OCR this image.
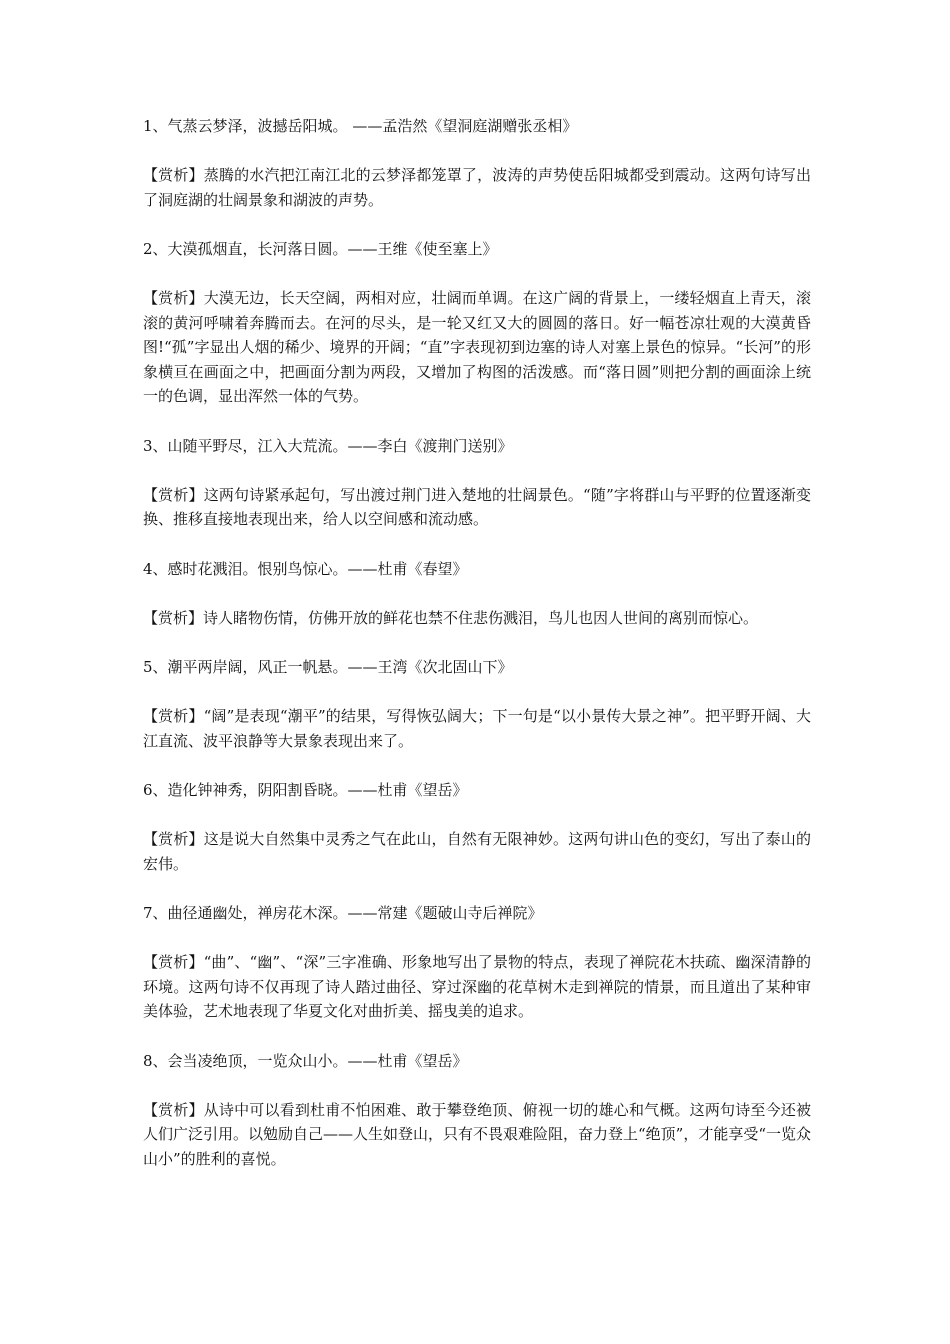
1、气蒸云梦泽，波撼岳阳城。 ——孟浩然《望洞庭湖赠张丞相》

【赏析】蒸腾的水汽把江南江北的云梦泽都笼罩了，波涛的声势使岳阳城都受到震动。这两句诗写出了洞庭湖的壮阔景象和湖波的声势。

2、大漠孤烟直，长河落日圆。——王维《使至塞上》

【赏析】大漠无边，长天空阔，两相对应，壮阔而单调。在这广阔的背景上，一缕轻烟直上青天，滚滚的黄河呼啸着奔腾而去。在河的尽头，是一轮又红又大的圆圆的落日。好一幅苍凉壮观的大漠黄昏图!“孤”字显出人烟的稀少、境界的开阔；“直”字表现初到边塞的诗人对塞上景色的惊异。“长河”的形象横亘在画面之中，把画面分割为两段，又增加了构图的活泼感。而“落日圆”则把分割的画面涂上统一的色调，显出浑然一体的气势。

3、山随平野尽，江入大荒流。——李白《渡荆门送别》

【赏析】这两句诗紧承起句，写出渡过荆门进入楚地的壮阔景色。“随”字将群山与平野的位置逐渐变换、推移直接地表现出来，给人以空间感和流动感。

4、感时花溅泪。恨别鸟惊心。——杜甫《春望》

【赏析】诗人睹物伤情，仿佛开放的鲜花也禁不住悲伤溅泪，鸟儿也因人世间的离别而惊心。

5、潮平两岸阔，风正一帆悬。——王湾《次北固山下》

【赏析】“阔”是表现“潮平”的结果，写得恢弘阔大；下一句是“以小景传大景之神”。把平野开阔、大江直流、波平浪静等大景象表现出来了。

6、造化钟神秀，阴阳割昏晓。——杜甫《望岳》

【赏析】这是说大自然集中灵秀之气在此山，自然有无限神妙。这两句讲山色的变幻，写出了泰山的宏伟。

7、曲径通幽处，禅房花木深。——常建《题破山寺后禅院》

【赏析】“曲”、“幽”、“深”三字准确、形象地写出了景物的特点，表现了禅院花木扶疏、幽深清静的环境。这两句诗不仅再现了诗人踏过曲径、穿过深幽的花草树木走到禅院的情景，而且道出了某种审美体验，艺术地表现了华夏文化对曲折美、摇曳美的追求。

8、会当凌绝顶，一览众山小。——杜甫《望岳》

【赏析】从诗中可以看到杜甫不怕困难、敢于攀登绝顶、俯视一切的雄心和气概。这两句诗至今还被人们广泛引用。以勉励自己——人生如登山，只有不畏艰难险阻，奋力登上“绝顶”，才能享受“一览众山小”的胜利的喜悦。
